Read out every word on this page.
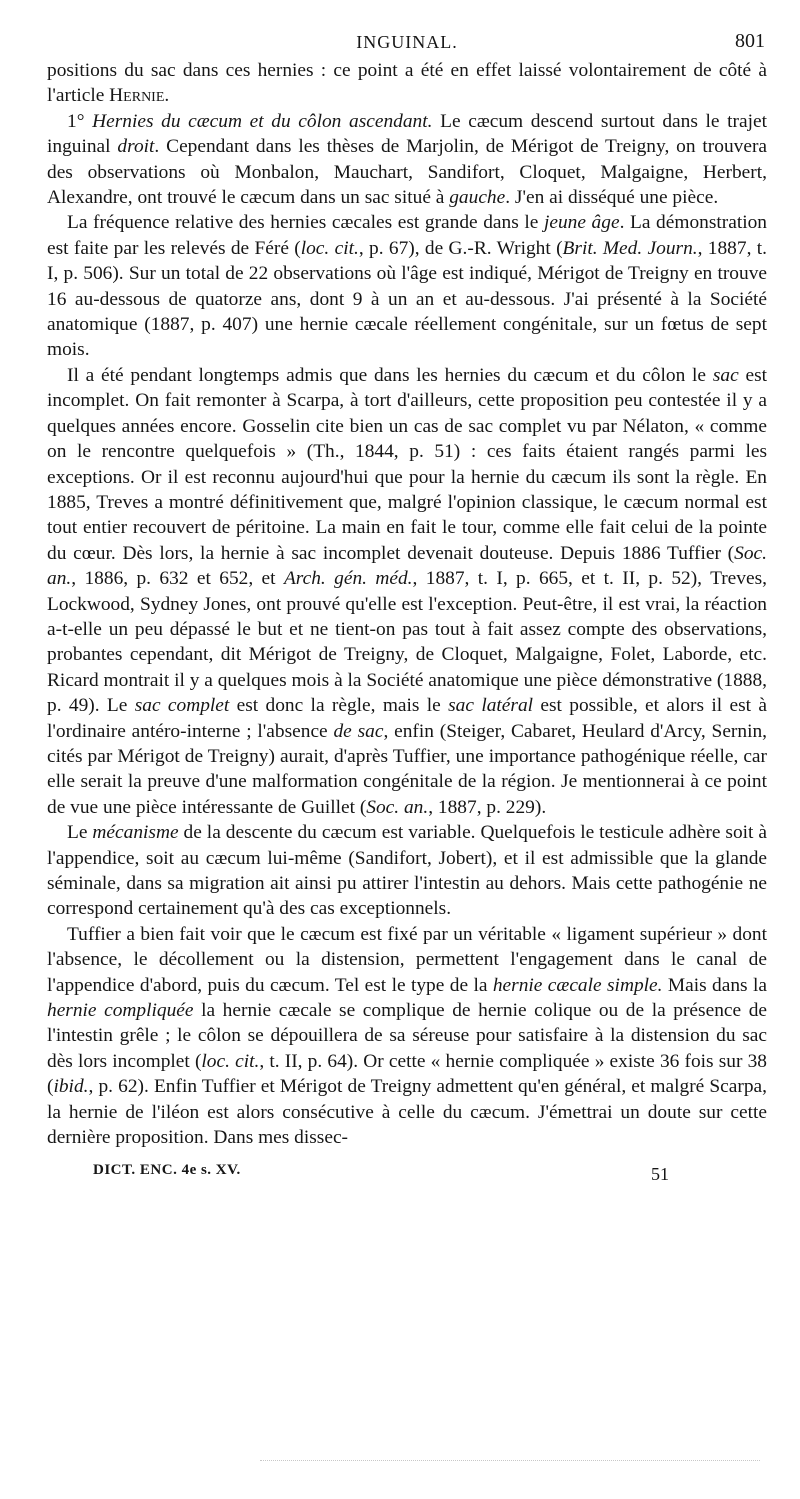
INGUINAL.	801

positions du sac dans ces hernies : ce point a été en effet laissé volontairement de côté à l'article Hernie.

1° Hernies du cæcum et du côlon ascendant. Le cæcum descend surtout dans le trajet inguinal droit. Cependant dans les thèses de Marjolin, de Mérigot de Treigny, on trouvera des observations où Monbalon, Mauchart, Sandifort, Cloquet, Malgaigne, Herbert, Alexandre, ont trouvé le cæcum dans un sac situé à gauche. J'en ai disséqué une pièce.

La fréquence relative des hernies cæcales est grande dans le jeune âge. La démonstration est faite par les relevés de Féré (loc. cit., p. 67), de G.-R. Wright (Brit. Med. Journ., 1887, t. I, p. 506). Sur un total de 22 observations où l'âge est indiqué, Mérigot de Treigny en trouve 16 au-dessous de quatorze ans, dont 9 à un an et au-dessous. J'ai présenté à la Société anatomique (1887, p. 407) une hernie cæcale réellement congénitale, sur un fœtus de sept mois.

Il a été pendant longtemps admis que dans les hernies du cæcum et du côlon le sac est incomplet. On fait remonter à Scarpa, à tort d'ailleurs, cette proposition peu contestée il y a quelques années encore. Gosselin cite bien un cas de sac complet vu par Nélaton, « comme on le rencontre quelquefois » (Th., 1844, p. 51) : ces faits étaient rangés parmi les exceptions. Or il est reconnu aujourd'hui que pour la hernie du cæcum ils sont la règle. En 1885, Treves a montré définitivement que, malgré l'opinion classique, le cæcum normal est tout entier recouvert de péritoine. La main en fait le tour, comme elle fait celui de la pointe du cœur. Dès lors, la hernie à sac incomplet devenait douteuse. Depuis 1886 Tuffier (Soc. an., 1886, p. 632 et 652, et Arch. gén. méd., 1887, t. I, p. 665, et t. II, p. 52), Treves, Lockwood, Sydney Jones, ont prouvé qu'elle est l'exception. Peut-être, il est vrai, la réaction a-t-elle un peu dépassé le but et ne tient-on pas tout à fait assez compte des observations, probantes cependant, dit Mérigot de Treigny, de Cloquet, Malgaigne, Folet, Laborde, etc. Ricard montrait il y a quelques mois à la Société anatomique une pièce démonstrative (1888, p. 49). Le sac complet est donc la règle, mais le sac latéral est possible, et alors il est à l'ordinaire antéro-interne ; l'absence de sac, enfin (Steiger, Cabaret, Heulard d'Arcy, Sernin, cités par Mérigot de Treigny) aurait, d'après Tuffier, une importance pathogénique réelle, car elle serait la preuve d'une malformation congénitale de la région. Je mentionnerai à ce point de vue une pièce intéressante de Guillet (Soc. an., 1887, p. 229).

Le mécanisme de la descente du cæcum est variable. Quelquefois le testicule adhère soit à l'appendice, soit au cæcum lui-même (Sandifort, Jobert), et il est admissible que la glande séminale, dans sa migration ait ainsi pu attirer l'intestin au dehors. Mais cette pathogénie ne correspond certainement qu'à des cas exceptionnels.

Tuffier a bien fait voir que le cæcum est fixé par un véritable « ligament supérieur » dont l'absence, le décollement ou la distension, permettent l'engagement dans le canal de l'appendice d'abord, puis du cæcum. Tel est le type de la hernie cæcale simple. Mais dans la hernie compliquée la hernie cæcale se complique de hernie colique ou de la présence de l'intestin grêle ; le côlon se dépouillera de sa séreuse pour satisfaire à la distension du sac dès lors incomplet (loc. cit., t. II, p. 64). Or cette « hernie compliquée » existe 36 fois sur 38 (ibid., p. 62). Enfin Tuffier et Mérigot de Treigny admettent qu'en général, et malgré Scarpa, la hernie de l'iléon est alors consécutive à celle du cæcum. J'émettrai un doute sur cette dernière proposition. Dans mes dissec-

DICT. ENC. 4e s. XV.	51
